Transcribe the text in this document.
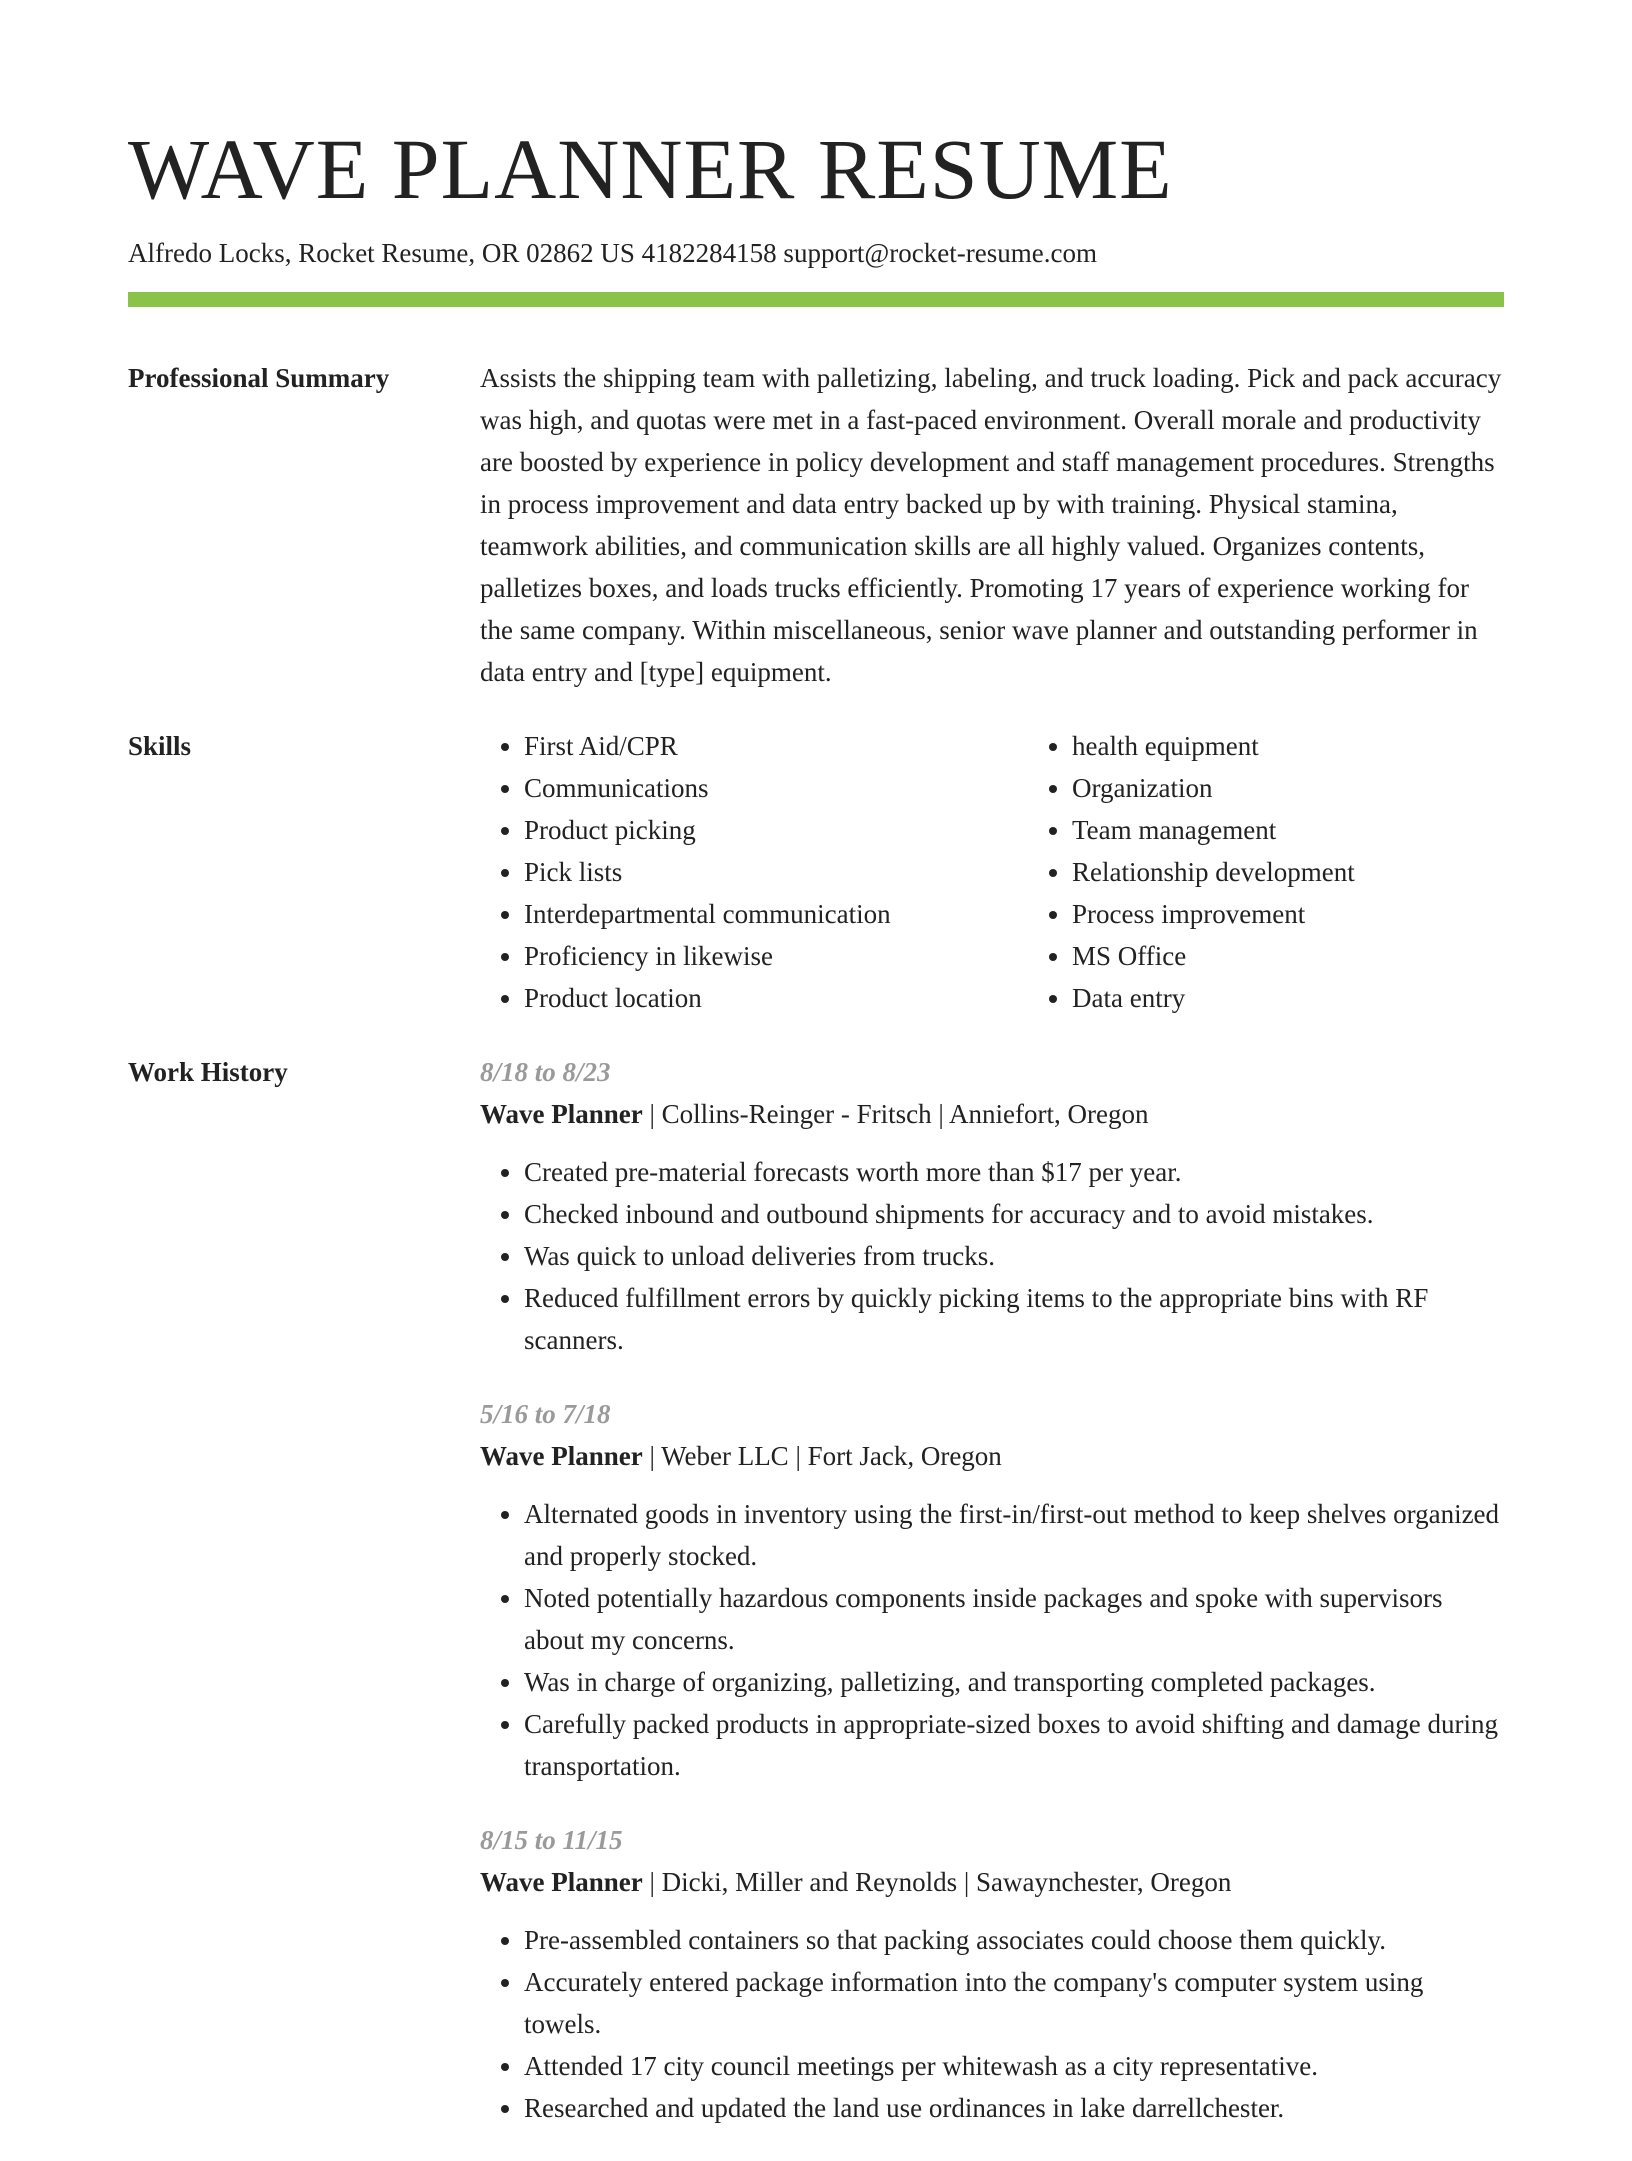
WAVE PLANNER RESUME
Alfredo Locks, Rocket Resume, OR 02862 US 4182284158 support@rocket-resume.com
Professional Summary	Assists the shipping team with palletizing, labeling, and truck loading. Pick and pack accuracy was high, and quotas were met in a fast-paced environment. Overall morale and productivity are boosted by experience in policy development and staff management procedures. Strengths in process improvement and data entry backed up by with training. Physical stamina, teamwork abilities, and communication skills are all highly valued. Organizes contents, palletizes boxes, and loads trucks efficiently. Promoting 17 years of experience working for the same company. Within miscellaneous, senior wave planner and outstanding performer in data entry and [type] equipment.

Skills
•	First Aid/CPR
• Communications
• Product picking
• Pick lists
• Interdepartmental communication
• Proficiency in likewise
• Product location
• health equipment
• Organization
• Team management
• Relationship development
• Process improvement
• MS Office
• Data entry
Work History	8/18 to 8/23
Wave Planner | Collins-Reinger - Fritsch | Anniefort, Oregon
• Created pre-material forecasts worth more than $17 per year.
• Checked inbound and outbound shipments for accuracy and to avoid mistakes.
• Was quick to unload deliveries from trucks.
• Reduced fulfillment errors by quickly picking items to the appropriate bins with RF scanners.
5/16 to 7/18
Wave Planner | Weber LLC | Fort Jack, Oregon
• Alternated goods in inventory using the first-in/first-out method to keep shelves organized and properly stocked.
• Noted potentially hazardous components inside packages and spoke with supervisors about my concerns.
• Was in charge of organizing, palletizing, and transporting completed packages.
• Carefully packed products in appropriate-sized boxes to avoid shifting and damage during transportation.
8/15 to 11/15
Wave Planner | Dicki, Miller and Reynolds | Sawaynchester, Oregon
• Pre-assembled containers so that packing associates could choose them quickly.
• Accurately entered package information into the company's computer system using towels.
• Attended 17 city council meetings per whitewash as a city representative.
• Researched and updated the land use ordinances in lake darrellchester.
